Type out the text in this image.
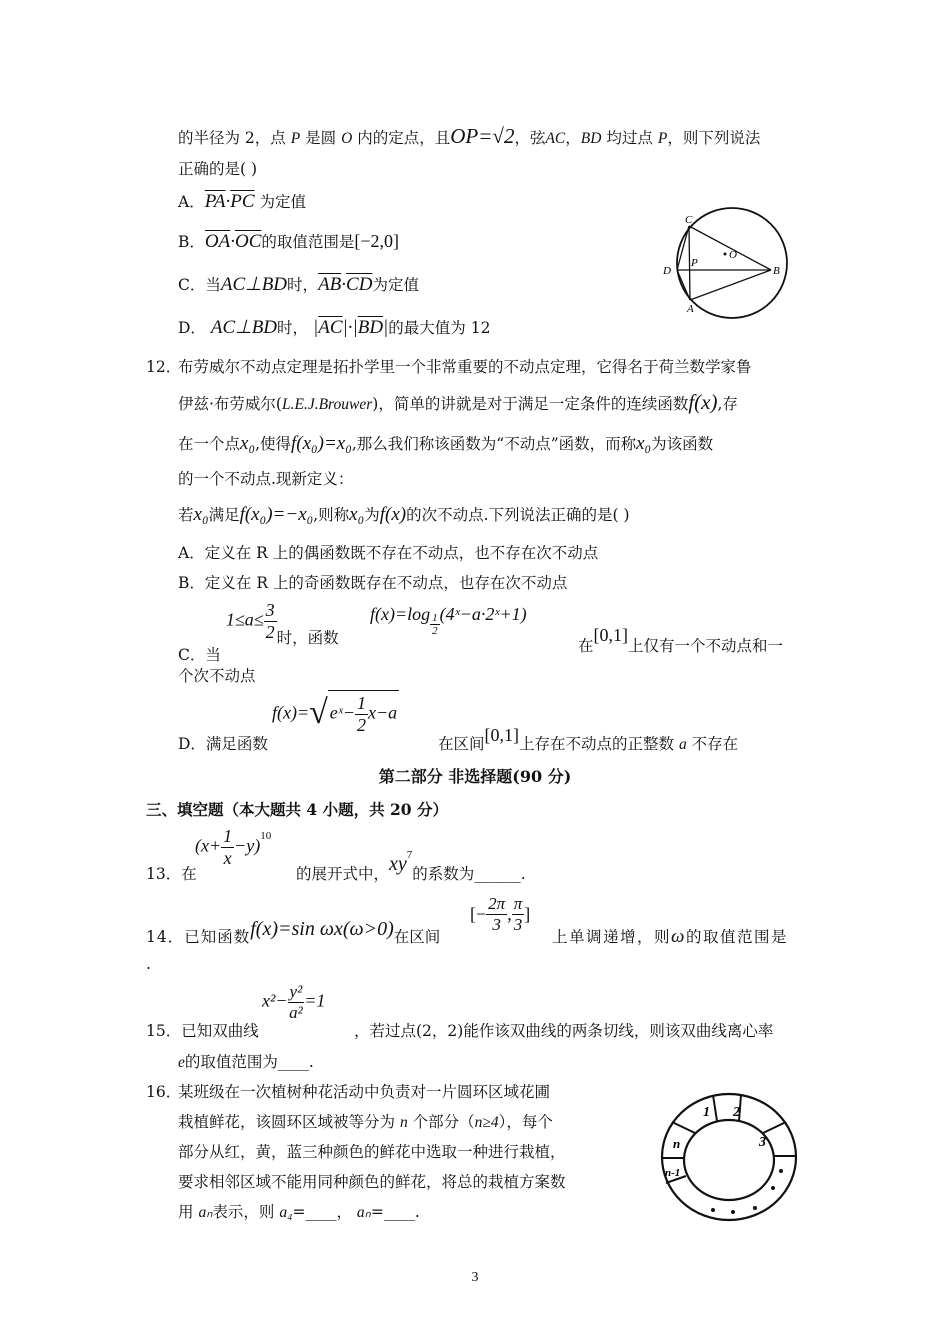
的半径为 2，点 P 是圆 O 内的定点，且OP=√2，弦AC，BD 均过点 P，则下列说法
正确的是( )
A．$\overline{PA}\cdot\overline{PC}$ 为定值
B．$\overline{OA}\cdot\overline{OC}$的取值范围是[−2,0]
C．当AC⊥BD时，$\overline{AB}\cdot\overline{CD}$为定值
D． AC⊥BD时， $|\overline{AC}|\cdot|\overline{BD}|$的最大值为 12
C
P
O
D	B
A
12．
布劳威尔不动点定理是拓扑学里一个非常重要的不动点定理，它得名于荷兰数学家鲁
伊兹·布劳威尔(L.E.J.Brouwer)，简单的讲就是对于满足一定条件的连续函数f(x),存
在一个点x₀,使得f(x₀)=x₀,那么我们称该函数为“不动点”函数，而称x₀为该函数
的一个不动点.现新定义：
若x₀满足f(x₀)=−x₀,则称x₀为f(x)的次不动点.下列说法正确的是( )
A．定义在 R 上的偶函数既不存在不动点，也不存在次不动点
B．定义在 R 上的奇函数既存在不动点，也存在次不动点
C．当 $1\le a\le \frac{3}{2}$ 时，函数
$f(x)=\log \frac{1}{2}$ (4ˣ−a·2ˣ+1)
在[0,1]上仅有一个不动点和一
个次不动点
D．满足函数
f(x)=√ eˣ− $\frac{1}{2} x-a$
在区间[0,1]上存在不动点的正整数 a 不存在
第二部分 非选择题(90 分)
三、填空题（本大题共 4 小题，共 20 分）
13．在
$(x+ \frac{1}{x} -y)^{10}$
的展开式中，$xy^7$的系数为______.
14．已知函数f(x)=sin ωx(ω>0)在区间
[− $\frac{2\pi}{3}$ , $\frac{\pi}{3}$ ]
上单调递增，则ω的取值范围是
.
$x^2- \frac{\text{y²}}{\text{a²}} =1$
15．已知双曲线	，若过点(2，2)能作该双曲线的两条切线，则该双曲线离心率
e的取值范围为____.
16．
某班级在一次植树种花活动中负责对一片圆环区域花圃
栽植鲜花，该圆环区域被等分为 n 个部分（n≥4），每个
部分从红，黄，蓝三种颜色的鲜花中选取一种进行栽植，
要求相邻区域不能用同种颜色的鲜花，将总的栽植方案数
用 aₙ表示，则 a₄=____， aₙ=____.
1 2
3
n
n-1
3
